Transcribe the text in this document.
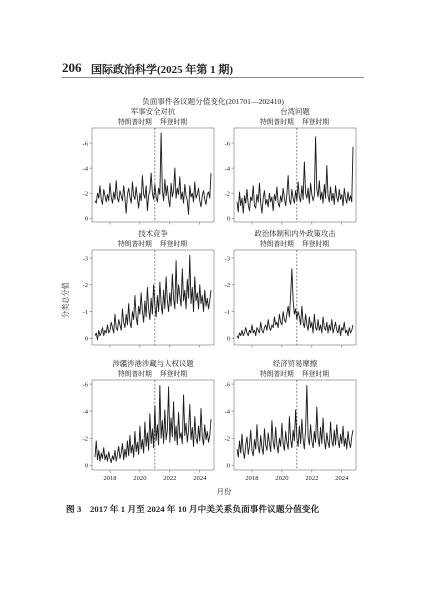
206 国际政治科学(2025 年第 1 期)
负面事件各议题分值变化(201701—202410)
分类总分值
月份
军事安全对抗
0
-2
-4
-6
特朗普时期 拜登时期
台湾问题
0
-2
-4
-6
特朗普时期 拜登时期
技术竞争
0
-1
-2
-3
特朗普时期 拜登时期
政治体制和内外政策攻击
0
-1
-2
-3
特朗普时期 拜登时期
涉疆涉港涉藏与人权议题
0
-2
-4
-6
2018	2020	2022	2024
特朗普时期 拜登时期
经济贸易摩擦
0
-2
-4
-6
2018	2020	2022	2024
特朗普时期 拜登时期
图 3　2017 年 1 月至 2024 年 10 月中美关系负面事件议题分值变化
